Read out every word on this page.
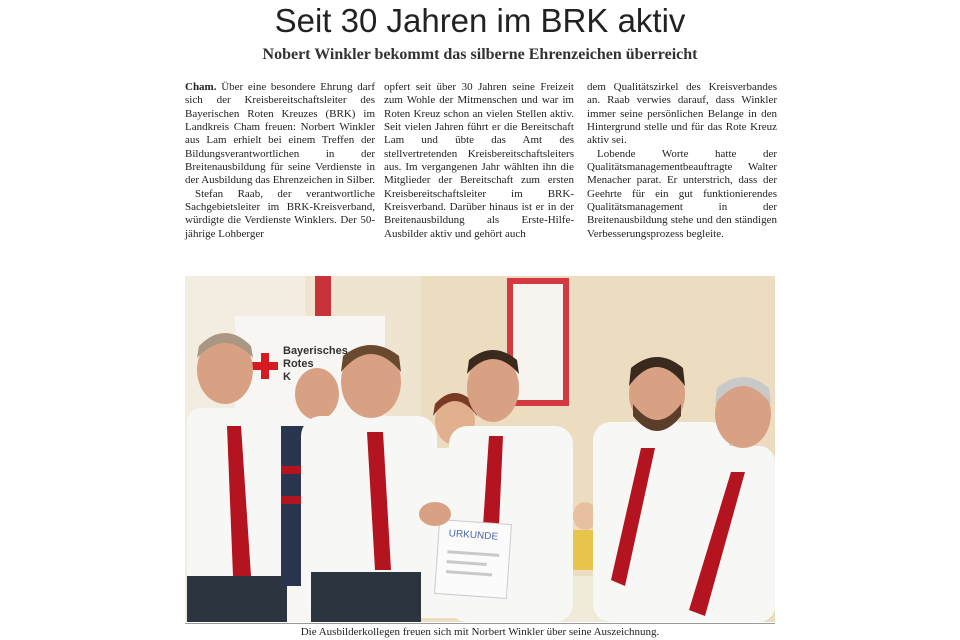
Seit 30 Jahren im BRK aktiv
Nobert Winkler bekommt das silberne Ehrenzeichen überreicht

Cham. Über eine besondere Ehrung darf sich der Kreisbereitschaftsleiter des Bayerischen Roten Kreuzes (BRK) im Landkreis Cham freuen: Norbert Winkler aus Lam erhielt bei einem Treffen der Bildungsverantwortlichen in der Breitenausbildung für seine Verdienste in der Ausbildung das Ehrenzeichen in Silber.

Stefan Raab, der verantwortliche Sachgebietsleiter im BRK-Kreisverband, würdigte die Verdienste Winklers. Der 50-jährige Lohberger

opfert seit über 30 Jahren seine Freizeit zum Wohle der Mitmenschen und war im Roten Kreuz schon an vielen Stellen aktiv. Seit vielen Jahren führt er die Bereitschaft Lam und übte das Amt des stellvertretenden Kreisbereitschaftsleiters aus. Im vergangenen Jahr wählten ihn die Mitglieder der Bereitschaft zum ersten Kreisbereitschaftsleiter im BRK-Kreisverband. Darüber hinaus ist er in der Breitenausbildung als Erste-Hilfe-Ausbilder aktiv und gehört auch

dem Qualitätszirkel des Kreisverbandes an. Raab verwies darauf, dass Winkler immer seine persönlichen Belange in den Hintergrund stelle und für das Rote Kreuz aktiv sei.

Lobende Worte hatte der Qualitätsmanagementbeauftragte Walter Menacher parat. Er unterstrich, dass der Geehrte für ein gut funktionierendes Qualitätsmanagement in der Breitenausbildung stehe und den ständigen Verbesserungsprozess begleite.

Bayerisches
Rotes
K
URKUNDE
Die Ausbilderkollegen freuen sich mit Norbert Winkler über seine Auszeichnung.
